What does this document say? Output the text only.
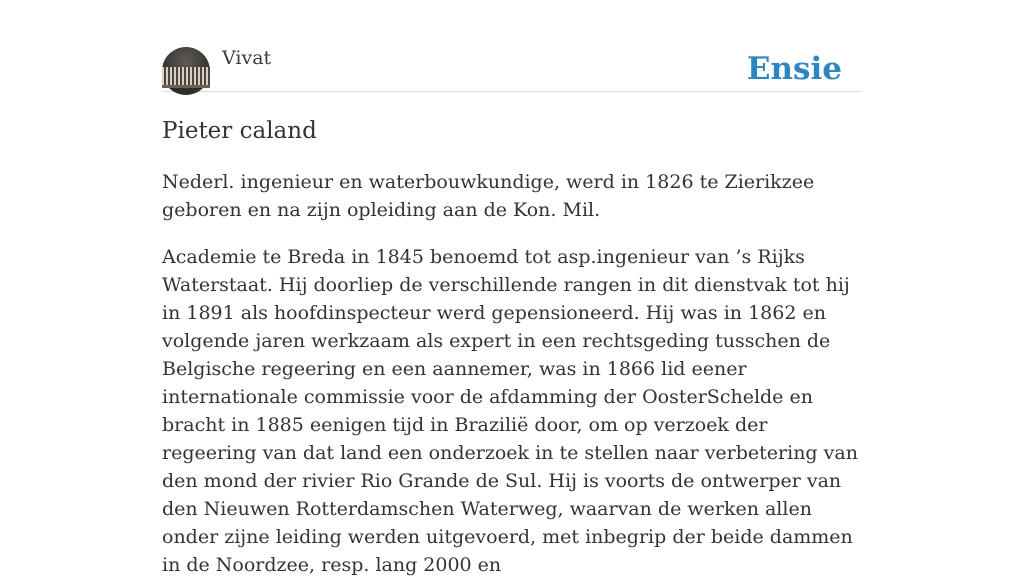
Vivat	Ensie
Pieter caland

Nederl. ingenieur en waterbouwkundige, werd in 1826 te Zierikzee geboren en na zijn opleiding aan de Kon. Mil.

Academie te Breda in 1845 benoemd tot asp.ingenieur van ’s Rijks Waterstaat. Hij doorliep de verschillende rangen in dit dienstvak tot hij in 1891 als hoofdinspecteur werd gepensioneerd. Hij was in 1862 en volgende jaren werkzaam als expert in een rechtsgeding tusschen de Belgische regeering en een aannemer, was in 1866 lid eener internationale commissie voor de afdamming der OosterSchelde en bracht in 1885 eenigen tijd in Brazilië door, om op verzoek der regeering van dat land een onderzoek in te stellen naar verbetering van den mond der rivier Rio Grande de Sul. Hij is voorts de ontwerper van den Nieuwen Rotterdamschen Waterweg, waarvan de werken allen onder zijne leiding werden uitgevoerd, met inbegrip der beide dammen in de Noordzee, resp. lang 2000 en
